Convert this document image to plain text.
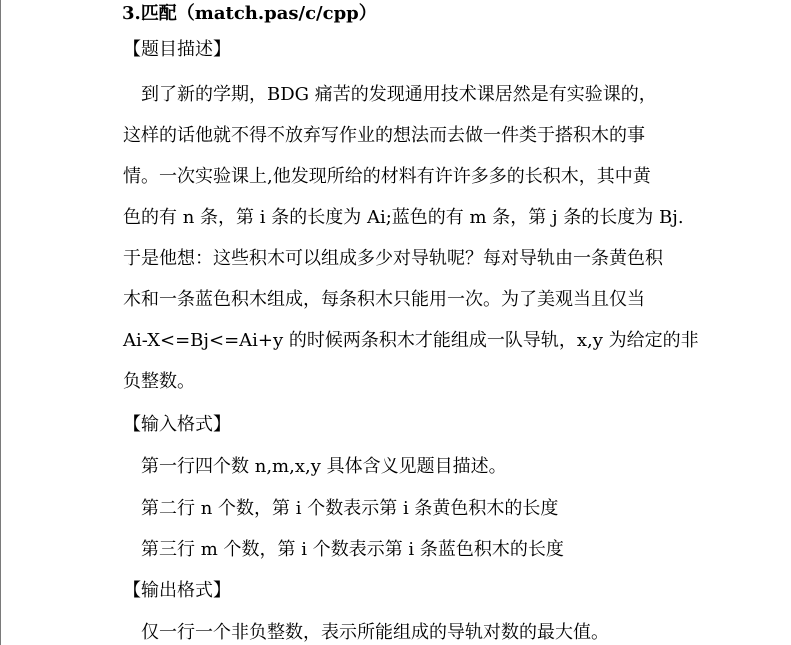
3.匹配（match.pas/c/cpp）
【题目描述】
到了新的学期，BDG 痛苦的发现通用技术课居然是有实验课的，
这样的话他就不得不放弃写作业的想法而去做一件类于搭积木的事
情。一次实验课上,他发现所给的材料有许许多多的长积木，其中黄
色的有 n 条，第 i 条的长度为 Ai;蓝色的有 m 条，第 j 条的长度为 Bj.
于是他想：这些积木可以组成多少对导轨呢？每对导轨由一条黄色积
木和一条蓝色积木组成，每条积木只能用一次。为了美观当且仅当
Ai-X<=Bj<=Ai+y 的时候两条积木才能组成一队导轨，x,y 为给定的非
负整数。
【输入格式】
第一行四个数 n,m,x,y 具体含义见题目描述。
第二行 n 个数，第 i 个数表示第 i 条黄色积木的长度
第三行 m 个数，第 i 个数表示第 i 条蓝色积木的长度
【输出格式】
仅一行一个非负整数，表示所能组成的导轨对数的最大值。
